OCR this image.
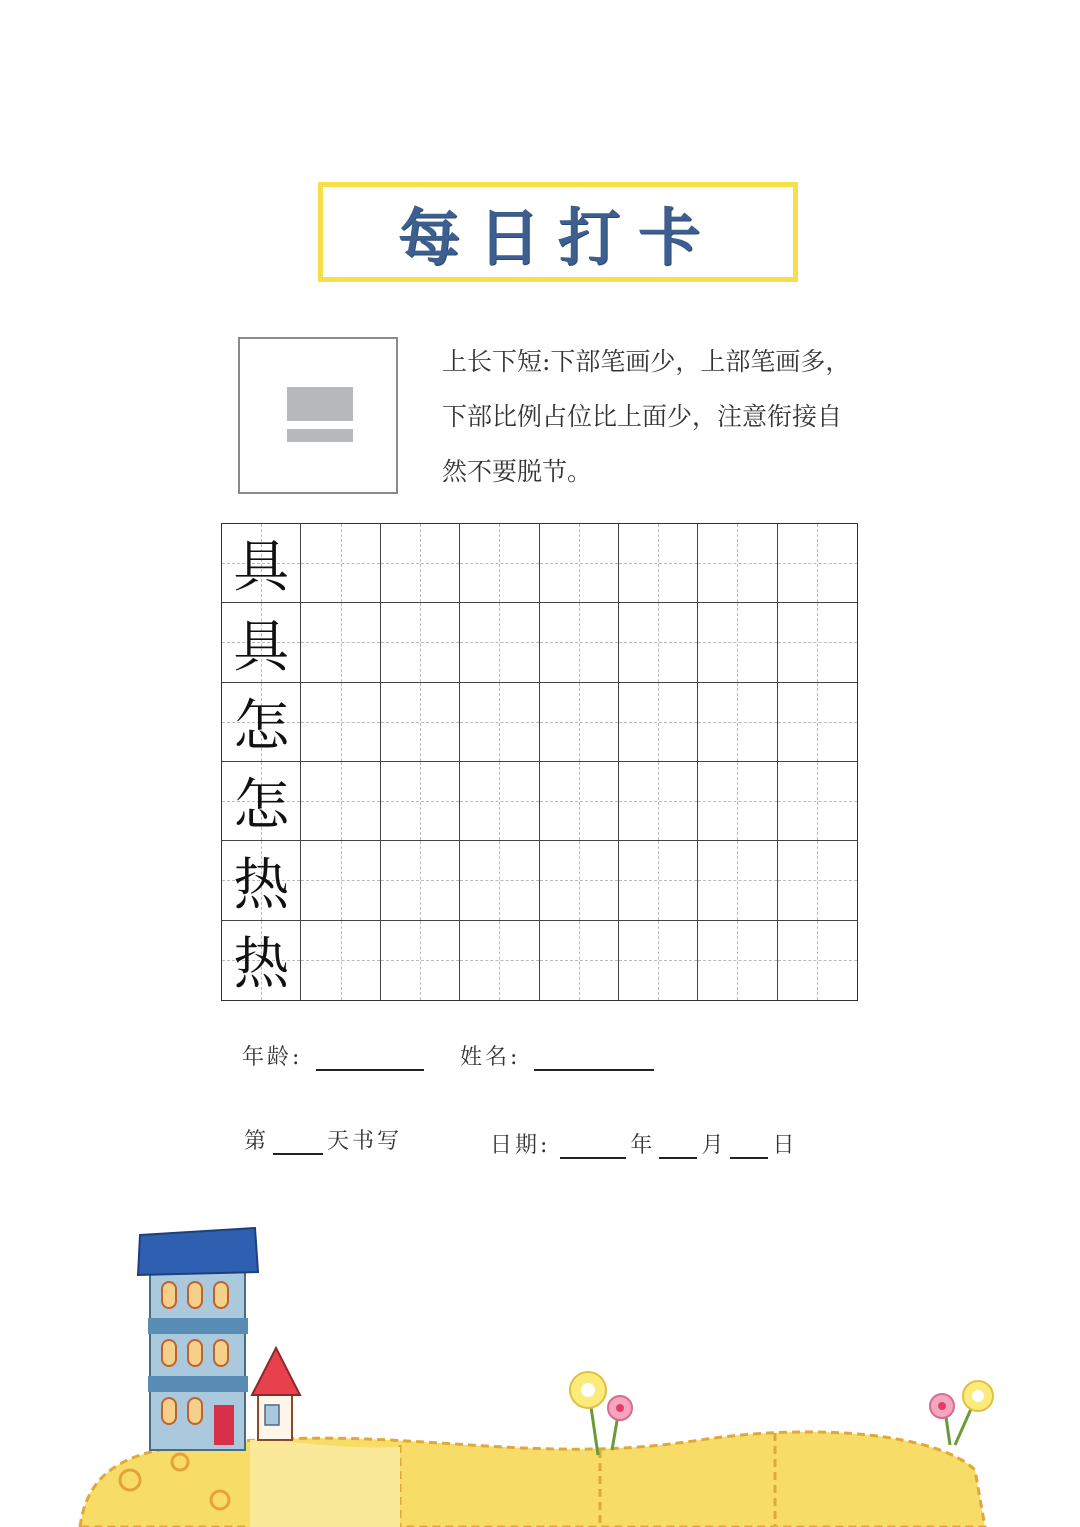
每日打卡
上长下短:下部笔画少，上部笔画多，下部比例占位比上面少，注意衔接自然不要脱节。
具
具
怎
怎
热
热
年龄:	姓名:
第	天书写	日期:	年 月 日
